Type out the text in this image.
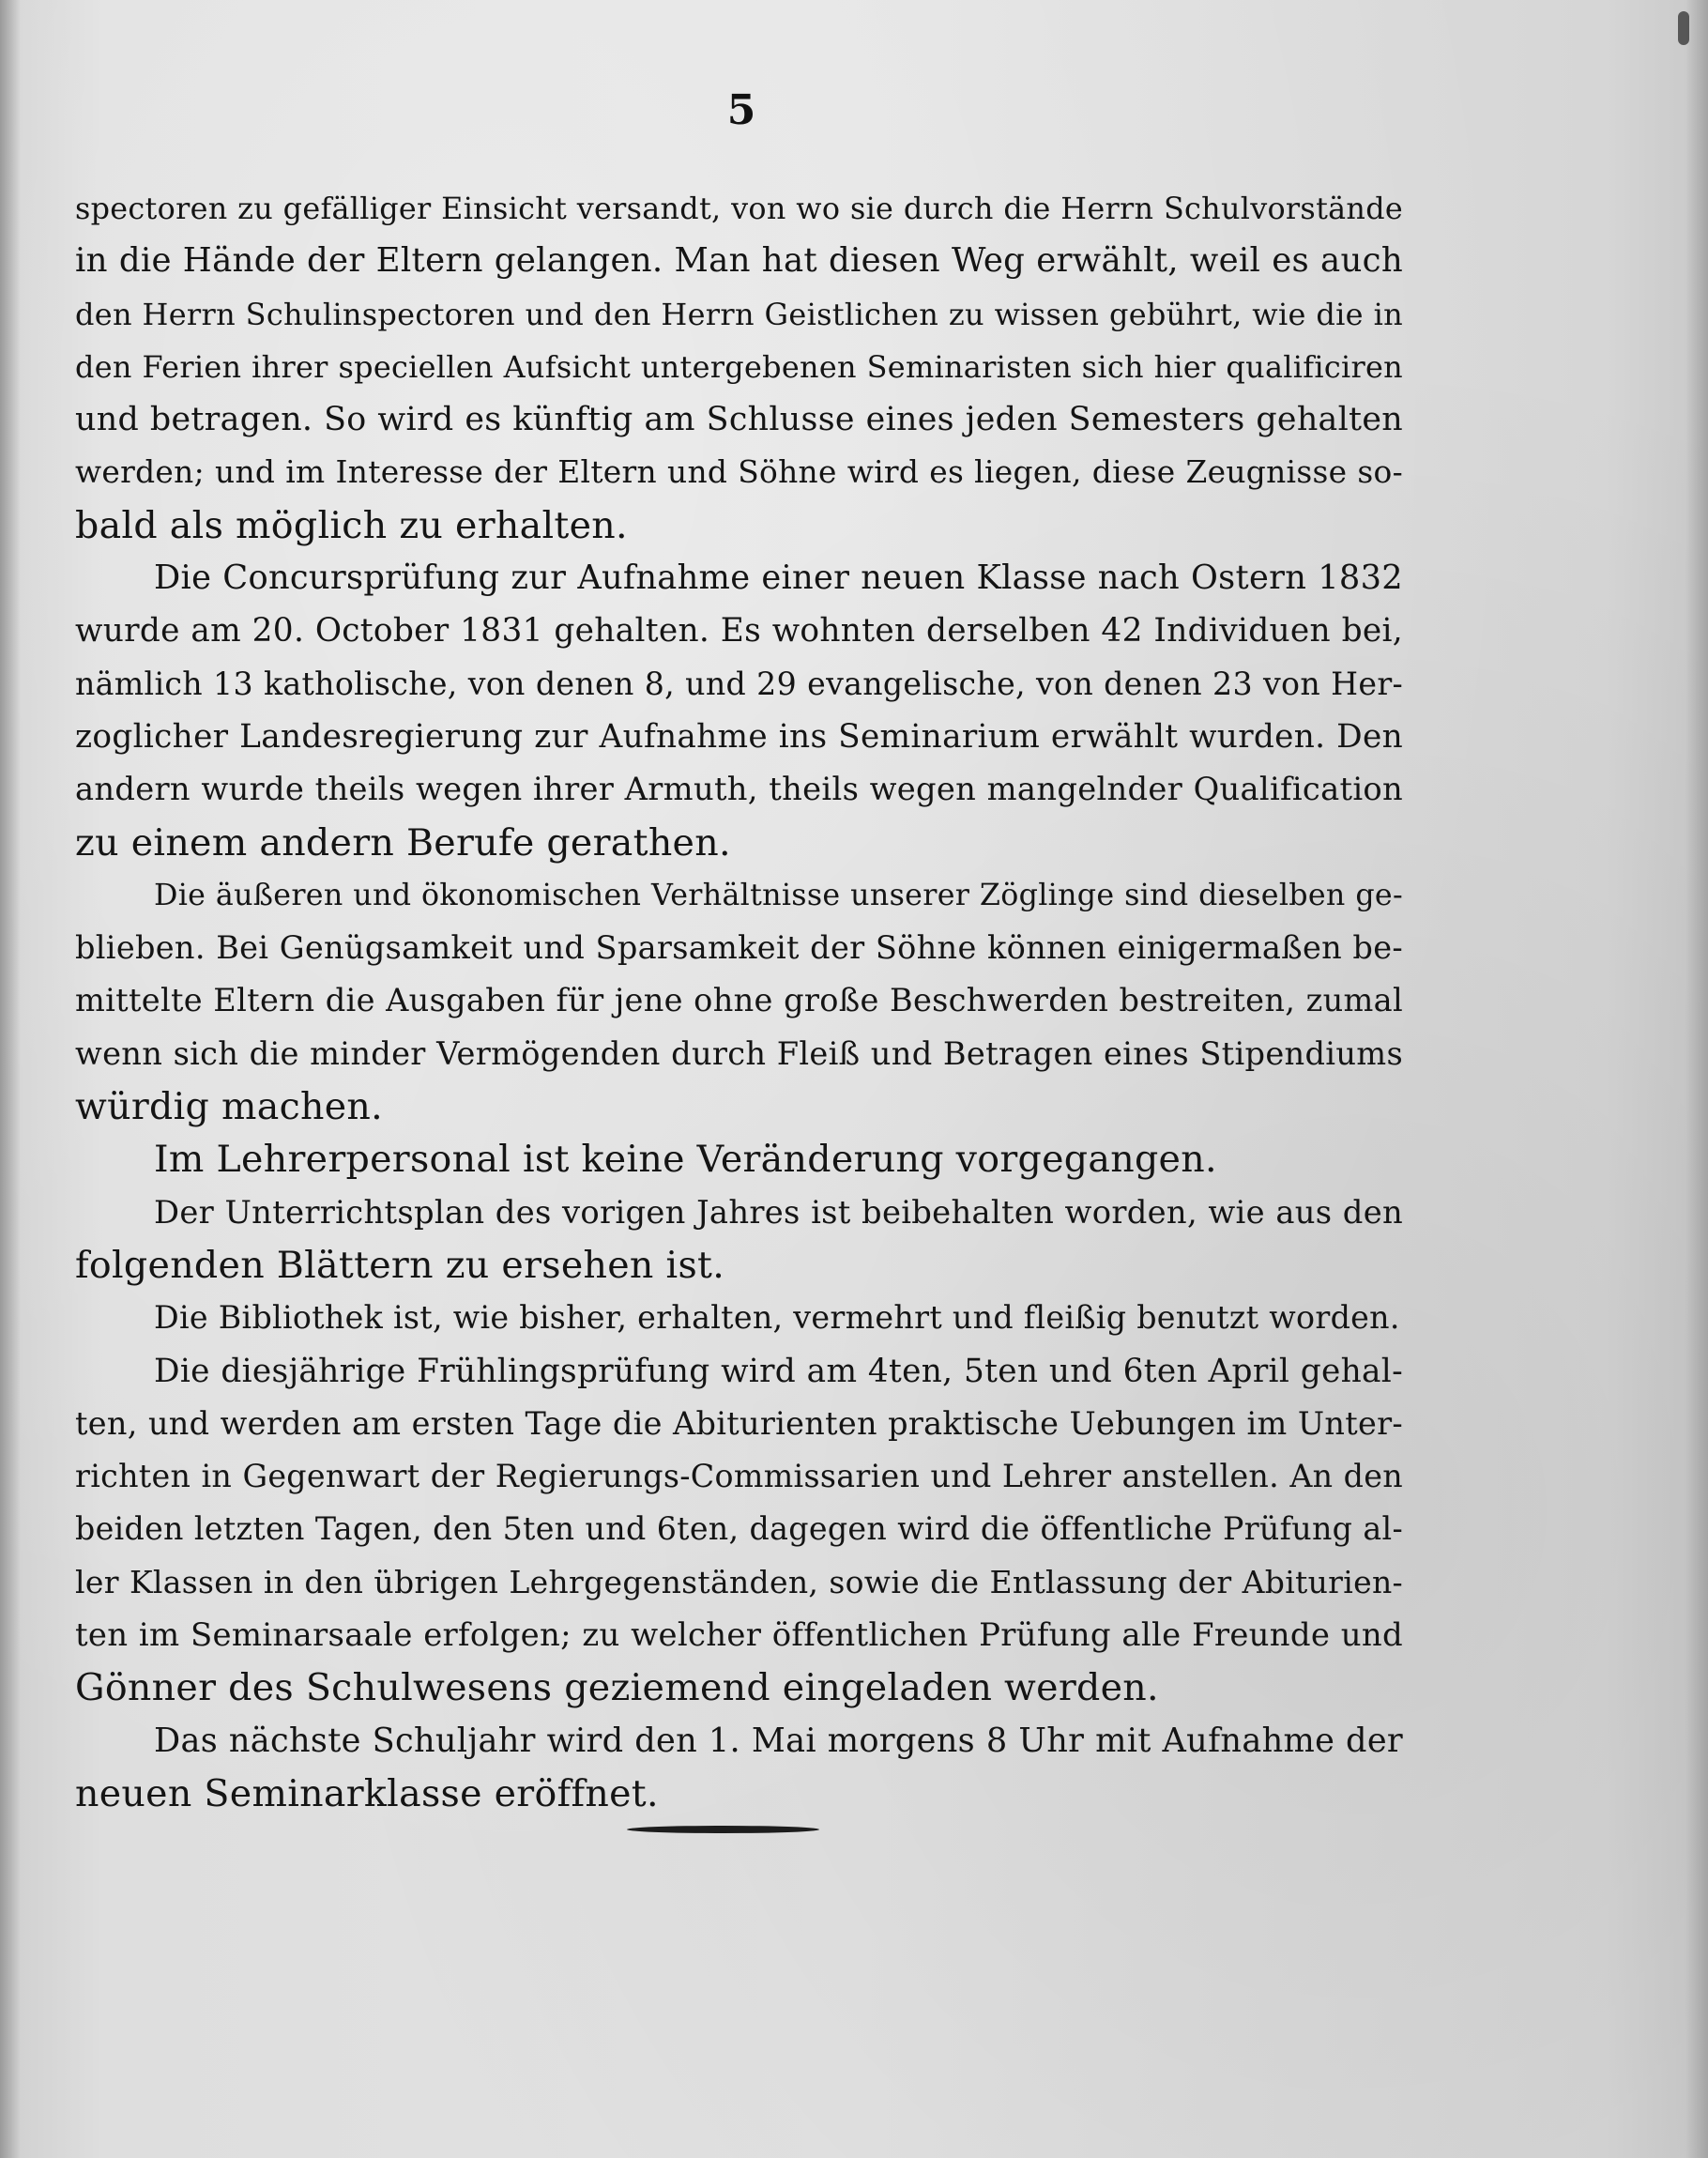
5
spectoren zu gefälliger Einsicht versandt, von wo sie durch die Herrn Schulvorstände
in die Hände der Eltern gelangen. Man hat diesen Weg erwählt, weil es auch
den Herrn Schulinspectoren und den Herrn Geistlichen zu wissen gebührt, wie die in
den Ferien ihrer speciellen Aufsicht untergebenen Seminaristen sich hier qualificiren
und betragen. So wird es künftig am Schlusse eines jeden Semesters gehalten
werden; und im Interesse der Eltern und Söhne wird es liegen, diese Zeugnisse so-
bald als möglich zu erhalten.
Die Concursprüfung zur Aufnahme einer neuen Klasse nach Ostern 1832
wurde am 20. October 1831 gehalten. Es wohnten derselben 42 Individuen bei,
nämlich 13 katholische, von denen 8, und 29 evangelische, von denen 23 von Her-
zoglicher Landesregierung zur Aufnahme ins Seminarium erwählt wurden. Den
andern wurde theils wegen ihrer Armuth, theils wegen mangelnder Qualification
zu einem andern Berufe gerathen.
Die äußeren und ökonomischen Verhältnisse unserer Zöglinge sind dieselben ge-
blieben. Bei Genügsamkeit und Sparsamkeit der Söhne können einigermaßen be-
mittelte Eltern die Ausgaben für jene ohne große Beschwerden bestreiten, zumal
wenn sich die minder Vermögenden durch Fleiß und Betragen eines Stipendiums
würdig machen.
Im Lehrerpersonal ist keine Veränderung vorgegangen.
Der Unterrichtsplan des vorigen Jahres ist beibehalten worden, wie aus den
folgenden Blättern zu ersehen ist.
Die Bibliothek ist, wie bisher, erhalten, vermehrt und fleißig benutzt worden.
Die diesjährige Frühlingsprüfung wird am 4ten, 5ten und 6ten April gehal-
ten, und werden am ersten Tage die Abiturienten praktische Uebungen im Unter-
richten in Gegenwart der Regierungs-Commissarien und Lehrer anstellen. An den
beiden letzten Tagen, den 5ten und 6ten, dagegen wird die öffentliche Prüfung al-
ler Klassen in den übrigen Lehrgegenständen, sowie die Entlassung der Abiturien-
ten im Seminarsaale erfolgen; zu welcher öffentlichen Prüfung alle Freunde und
Gönner des Schulwesens geziemend eingeladen werden.
Das nächste Schuljahr wird den 1. Mai morgens 8 Uhr mit Aufnahme der
neuen Seminarklasse eröffnet.
